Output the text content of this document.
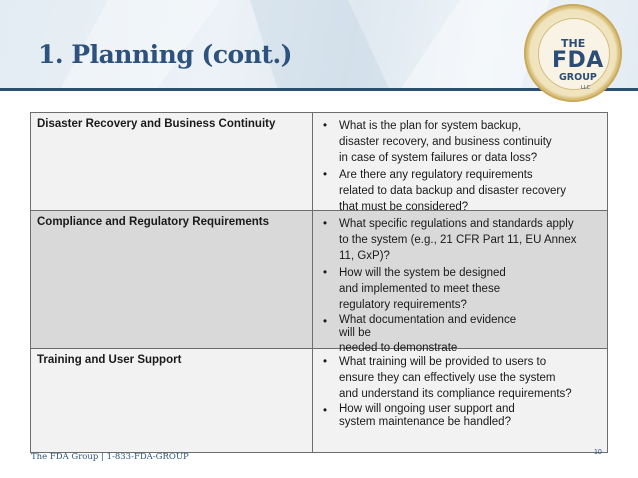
1. Planning (cont.)	THE
FDA
GROUP
LLC
Disaster Recovery and Business Continuity	• What is the plan for system backup,
disaster recovery, and business continuity
in case of system failures or data loss?
• Are there any regulatory requirements
related to data backup and disaster recovery
that must be considered?
Compliance and Regulatory Requirements	• What specific regulations and standards apply
to the system (e.g., 21 CFR Part 11, EU Annex
11, GxP)?
• How will the system be designed
and implemented to meet these
regulatory requirements?
• What documentation and evidence
will be
needed to demonstrate
Training and User Support	• What training will be provided to users to
ensure they can effectively use the system
and understand its compliance requirements?
• How will ongoing user support and
system maintenance be handled?
The FDA Group | 1-833-FDA-GROUP	10
